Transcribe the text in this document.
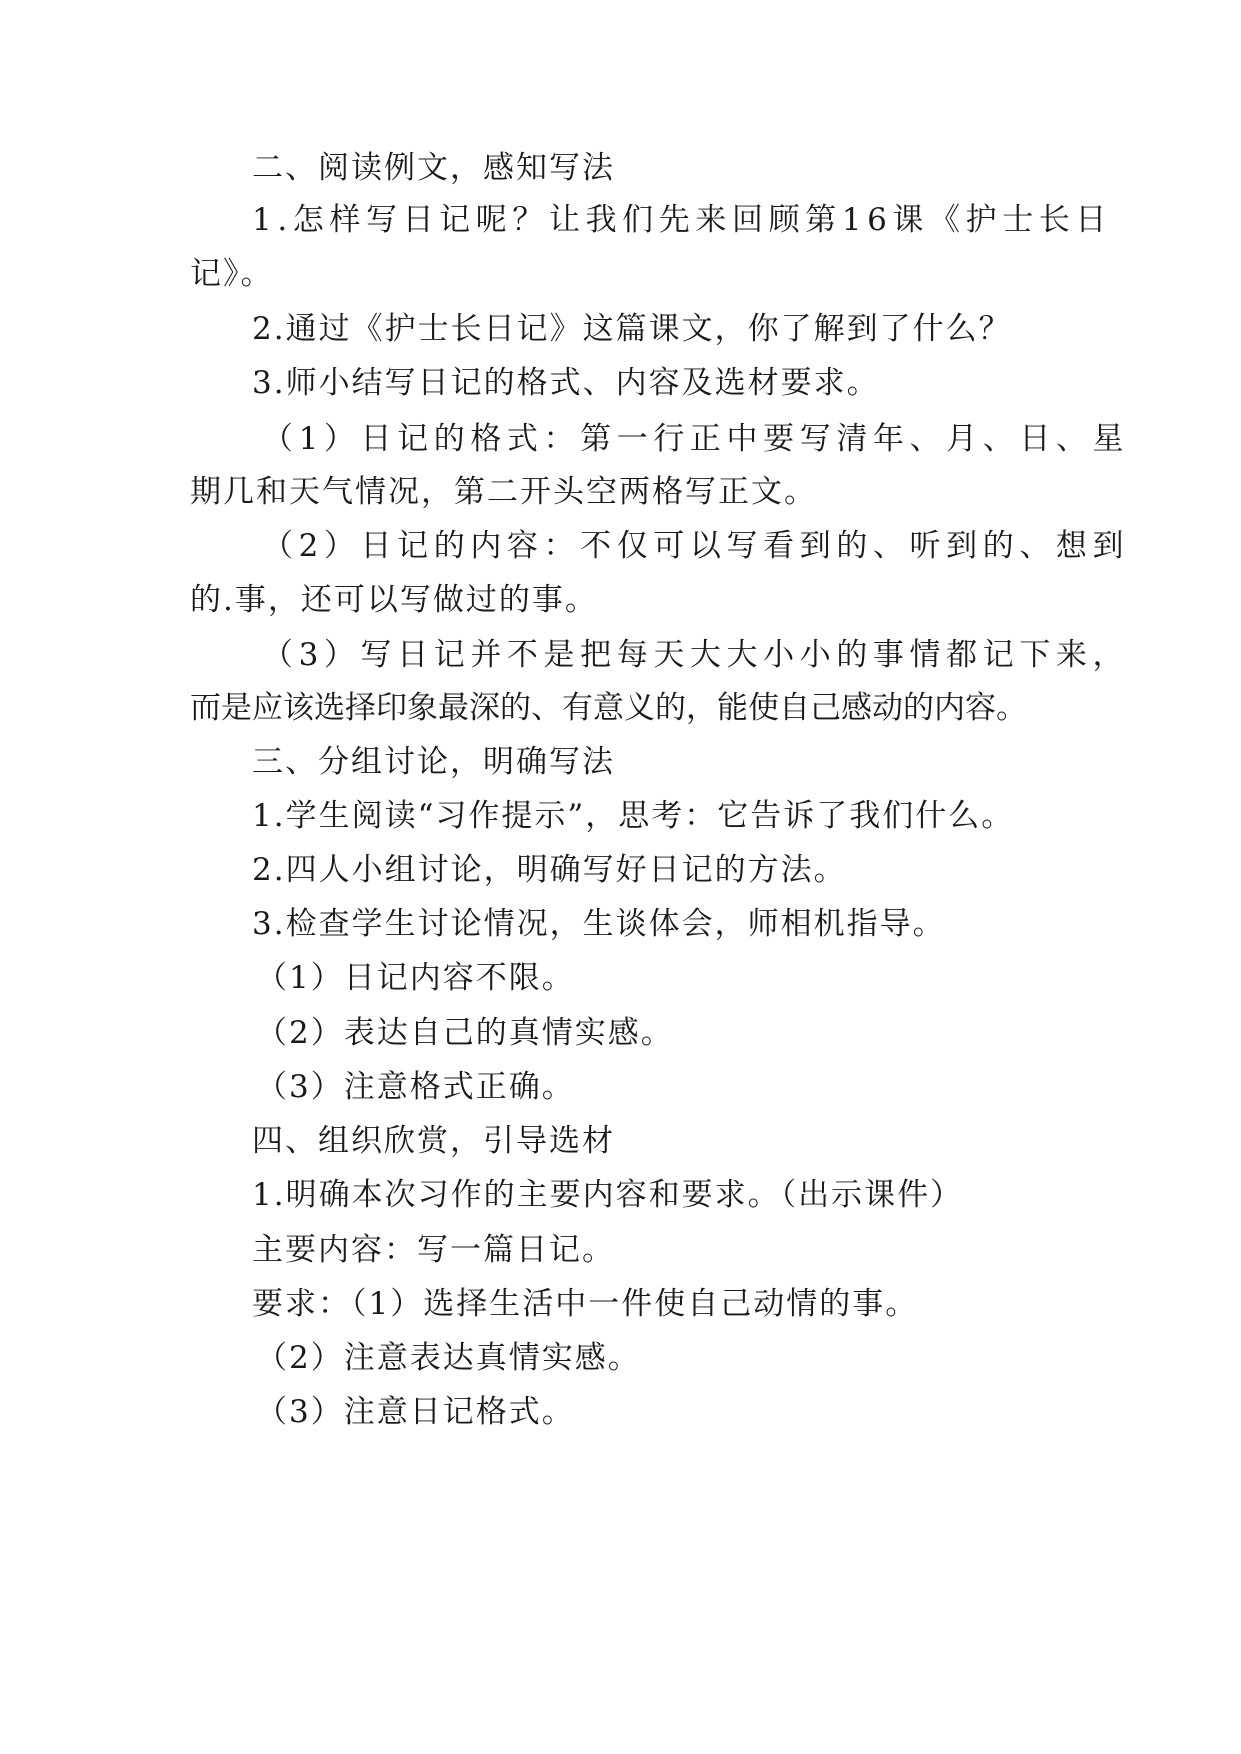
二、阅读例文，感知写法
1.怎样写日记呢？让我们先来回顾第16课《护士长日
记》。
2.通过《护士长日记》这篇课文，你了解到了什么？
3.师小结写日记的格式、内容及选材要求。
（1）日记的格式：第一行正中要写清年、月、日、星
期几和天气情况，第二开头空两格写正文。
（2）日记的内容：不仅可以写看到的、听到的、想到
的.事，还可以写做过的事。
（3）写日记并不是把每天大大小小的事情都记下来，
而是应该选择印象最深的、有意义的，能使自己感动的内容。
三、分组讨论，明确写法
1.学生阅读“习作提示”，思考：它告诉了我们什么。
2.四人小组讨论，明确写好日记的方法。
3.检查学生讨论情况，生谈体会，师相机指导。
（1）日记内容不限。
（2）表达自己的真情实感。
（3）注意格式正确。
四、组织欣赏，引导选材
1.明确本次习作的主要内容和要求。（出示课件）
主要内容：写一篇日记。
要求：（1）选择生活中一件使自己动情的事。
（2）注意表达真情实感。
（3）注意日记格式。
